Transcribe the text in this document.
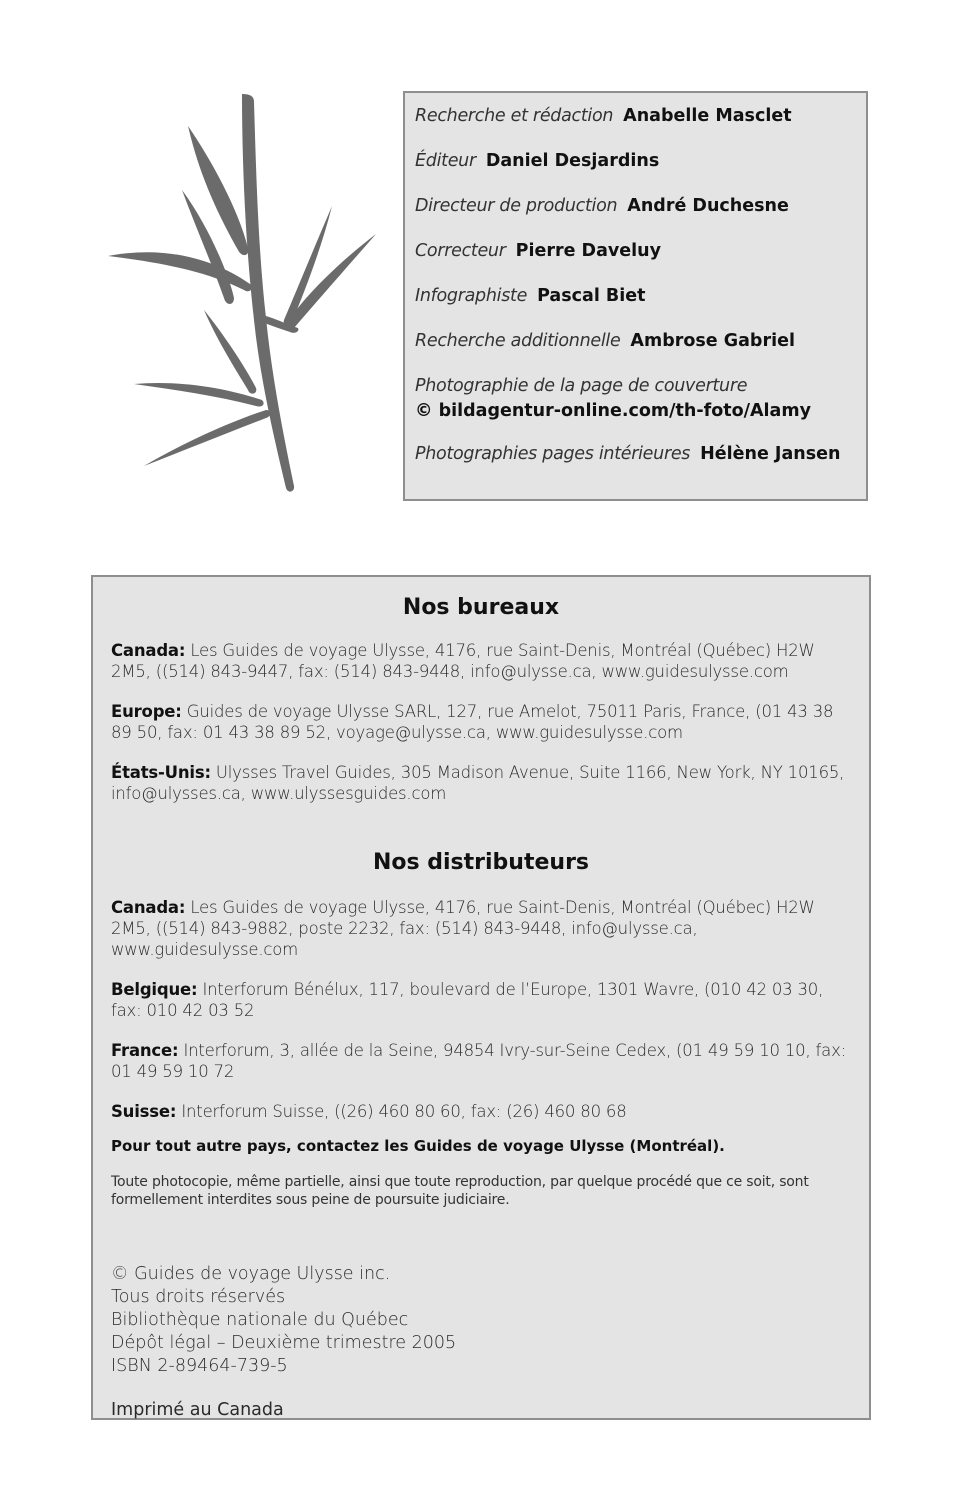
Recherche et rédaction Anabelle Masclet
Éditeur Daniel Desjardins
Directeur de production André Duchesne
Correcteur Pierre Daveluy
Infographiste Pascal Biet
Recherche additionnelle Ambrose Gabriel
Photographie de la page de couverture
© bildagentur-online.com/th-foto/Alamy
Photographies pages intérieures Hélène Jansen
Nos bureaux
Canada: Les Guides de voyage Ulysse, 4176, rue Saint-Denis, Montréal (Québec) H2W 2M5, ((514) 843-9447, fax: (514) 843-9448, info@ulysse.ca, www.guidesulysse.com
Europe: Guides de voyage Ulysse SARL, 127, rue Amelot, 75011 Paris, France, (01 43 38 89 50, fax: 01 43 38 89 52, voyage@ulysse.ca, www.guidesulysse.com
États-Unis: Ulysses Travel Guides, 305 Madison Avenue, Suite 1166, New York, NY 10165, info@ulysses.ca, www.ulyssesguides.com
Nos distributeurs
Canada: Les Guides de voyage Ulysse, 4176, rue Saint-Denis, Montréal (Québec) H2W 2M5, ((514) 843-9882, poste 2232, fax: (514) 843-9448, info@ulysse.ca, www.guidesulysse.com
Belgique: Interforum Bénélux, 117, boulevard de l’Europe, 1301 Wavre, (010 42 03 30, fax: 010 42 03 52
France: Interforum, 3, allée de la Seine, 94854 Ivry-sur-Seine Cedex, (01 49 59 10 10, fax: 01 49 59 10 72
Suisse: Interforum Suisse, ((26) 460 80 60, fax: (26) 460 80 68
Pour tout autre pays, contactez les Guides de voyage Ulysse (Montréal).
Toute photocopie, même partielle, ainsi que toute reproduction, par quelque procédé que ce soit, sont formellement interdites sous peine de poursuite judiciaire.
© Guides de voyage Ulysse inc.
Tous droits réservés
Bibliothèque nationale du Québec
Dépôt légal – Deuxième trimestre 2005
ISBN 2-89464-739-5
Imprimé au Canada
